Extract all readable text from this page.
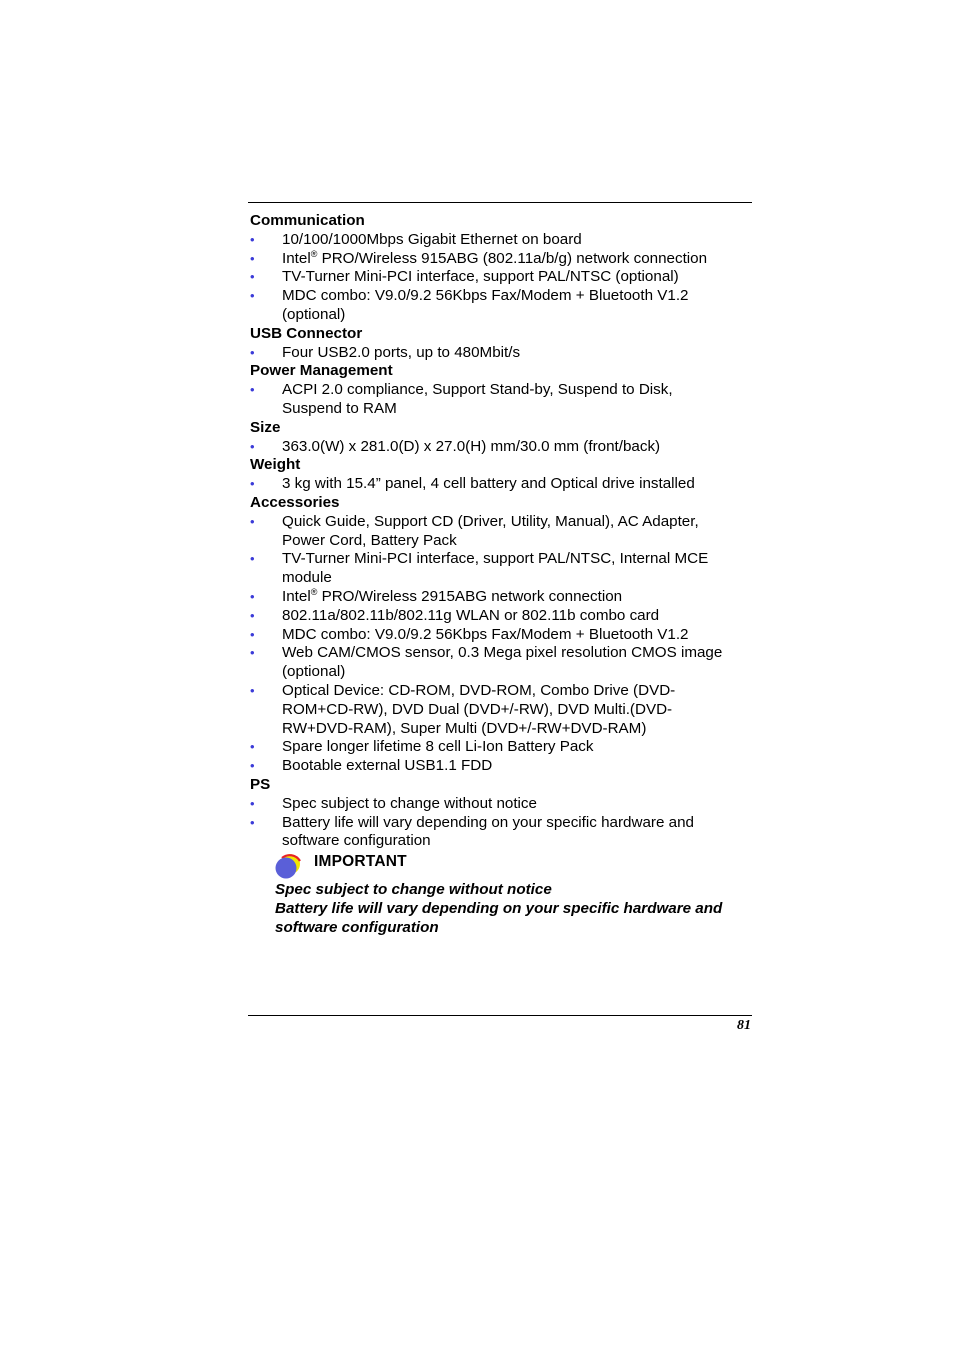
Communication
• 10/100/1000Mbps Gigabit Ethernet on board
• Intel® PRO/Wireless 915ABG (802.11a/b/g) network connection
• TV-Turner Mini-PCI interface, support PAL/NTSC (optional)
• MDC combo: V9.0/9.2 56Kbps Fax/Modem + Bluetooth V1.2
(optional)
USB Connector
• Four USB2.0 ports, up to 480Mbit/s
Power Management
• ACPI 2.0 compliance, Support Stand-by, Suspend to Disk,
Suspend to RAM
Size
• 363.0(W) x 281.0(D) x 27.0(H) mm/30.0 mm (front/back)
Weight
• 3 kg with 15.4” panel, 4 cell battery and Optical drive installed
Accessories
• Quick Guide, Support CD (Driver, Utility, Manual), AC Adapter,
Power Cord, Battery Pack
• TV-Turner Mini-PCI interface, support PAL/NTSC, Internal MCE
module
• Intel® PRO/Wireless 2915ABG network connection
• 802.11a/802.11b/802.11g WLAN or 802.11b combo card
• MDC combo: V9.0/9.2 56Kbps Fax/Modem + Bluetooth V1.2
• Web CAM/CMOS sensor, 0.3 Mega pixel resolution CMOS image
(optional)
• Optical Device: CD-ROM, DVD-ROM, Combo Drive (DVD-
ROM+CD-RW), DVD Dual (DVD+/-RW), DVD Multi.(DVD-
RW+DVD-RAM), Super Multi (DVD+/-RW+DVD-RAM)
• Spare longer lifetime 8 cell Li-Ion Battery Pack
• Bootable external USB1.1 FDD
PS
• Spec subject to change without notice
• Battery life will vary depending on your specific hardware and
software configuration
IMPORTANT
Spec subject to change without notice
Battery life will vary depending on your specific hardware and
software configuration
81
